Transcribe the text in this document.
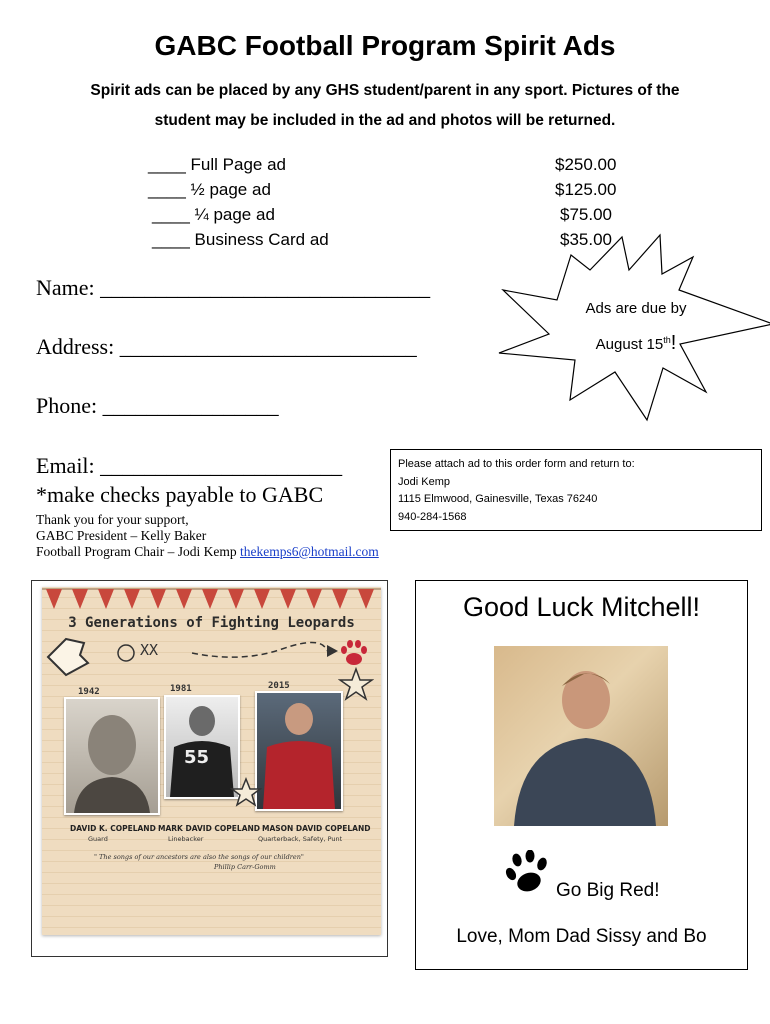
GABC Football Program Spirit Ads
Spirit ads can be placed by any GHS student/parent in any sport. Pictures of the
student may be included in the ad and photos will be returned.
____ Full Page ad	$250.00
____ ½ page ad	$125.00
____ ¼ page ad	$75.00
____ Business Card ad	$35.00
Name: ______________________________
Address: ___________________________
Phone: ________________
Email: ______________________
*make checks payable to GABC
Thank you for your support,
GABC President – Kelly Baker
Football Program Chair – Jodi Kemp thekemps6@hotmail.com
Ads are due by
August 15th!
Please attach ad to this order form and return to:
Jodi Kemp
1115 Elmwood, Gainesville, Texas 76240
940-284-1568
3 Generations of Fighting Leopards
XX
1942	1981	2015
55
DAVID K. COPELAND MARK DAVID COPELAND MASON DAVID COPELAND
Guard	Linebacker	Quarterback, Safety, Punt
" The songs of our ancestors are also the songs of our children"
Phillip Carr-Gomm
Good Luck Mitchell!
Go Big Red!
Love, Mom Dad Sissy and Bo
